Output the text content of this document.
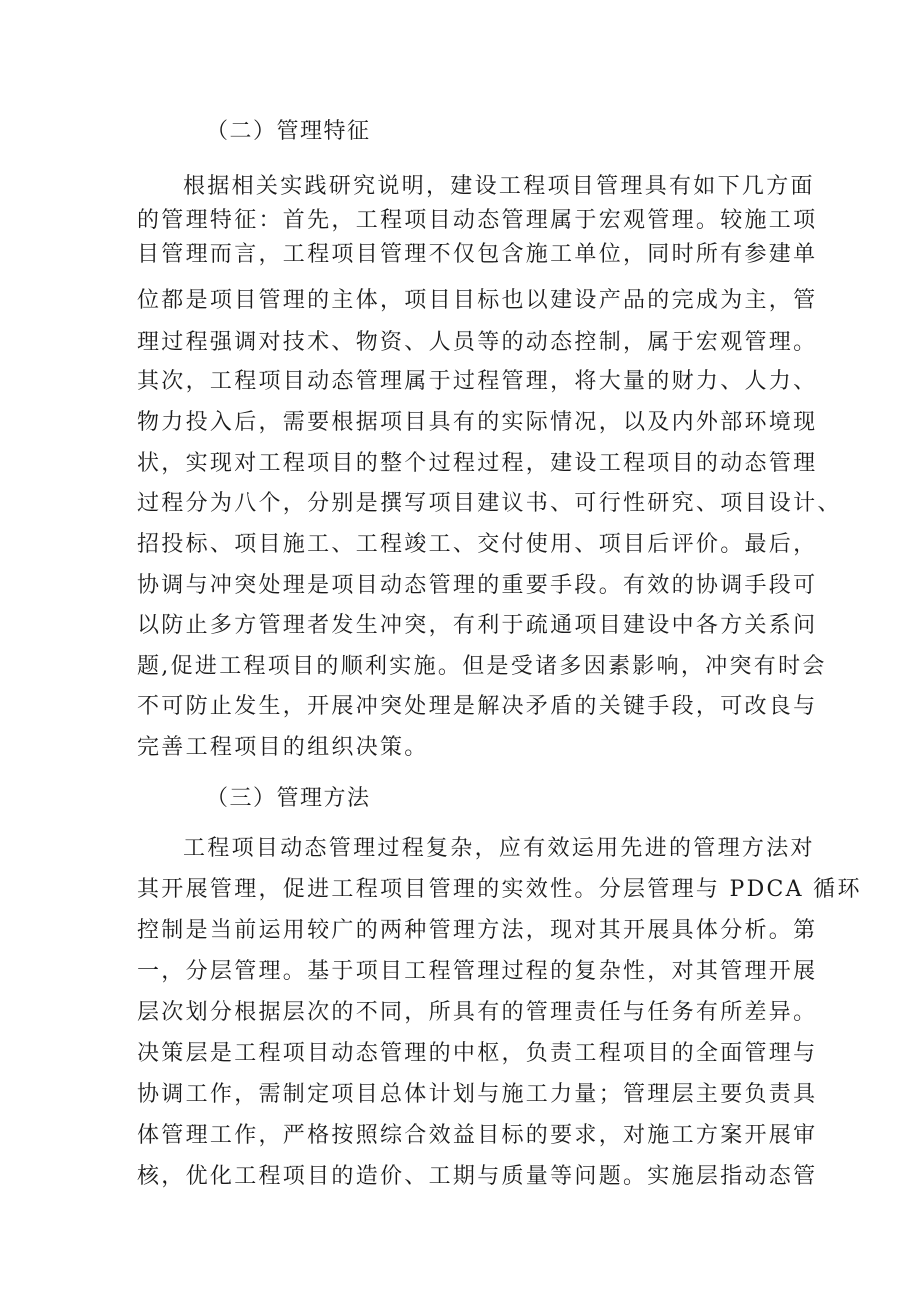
（二）管理特征
根据相关实践研究说明，建设工程项目管理具有如下几方面
的管理特征：首先，工程项目动态管理属于宏观管理。较施工项
目管理而言，工程项目管理不仅包含施工单位，同时所有参建单
位都是项目管理的主体，项目目标也以建设产品的完成为主，管
理过程强调对技术、物资、人员等的动态控制，属于宏观管理。
其次，工程项目动态管理属于过程管理，将大量的财力、人力、
物力投入后，需要根据项目具有的实际情况，以及内外部环境现
状，实现对工程项目的整个过程过程，建设工程项目的动态管理
过程分为八个，分别是撰写项目建议书、可行性研究、项目设计、
招投标、项目施工、工程竣工、交付使用、项目后评价。最后，
协调与冲突处理是项目动态管理的重要手段。有效的协调手段可
以防止多方管理者发生冲突，有利于疏通项目建设中各方关系问
题,促进工程项目的顺利实施。但是受诸多因素影响，冲突有时会
不可防止发生，开展冲突处理是解决矛盾的关键手段，可改良与
完善工程项目的组织决策。
（三）管理方法
工程项目动态管理过程复杂，应有效运用先进的管理方法对
其开展管理，促进工程项目管理的实效性。分层管理与 PDCA 循环
控制是当前运用较广的两种管理方法，现对其开展具体分析。第
一，分层管理。基于项目工程管理过程的复杂性，对其管理开展
层次划分根据层次的不同，所具有的管理责任与任务有所差异。
决策层是工程项目动态管理的中枢，负责工程项目的全面管理与
协调工作，需制定项目总体计划与施工力量；管理层主要负责具
体管理工作，严格按照综合效益目标的要求，对施工方案开展审
核，优化工程项目的造价、工期与质量等问题。实施层指动态管
